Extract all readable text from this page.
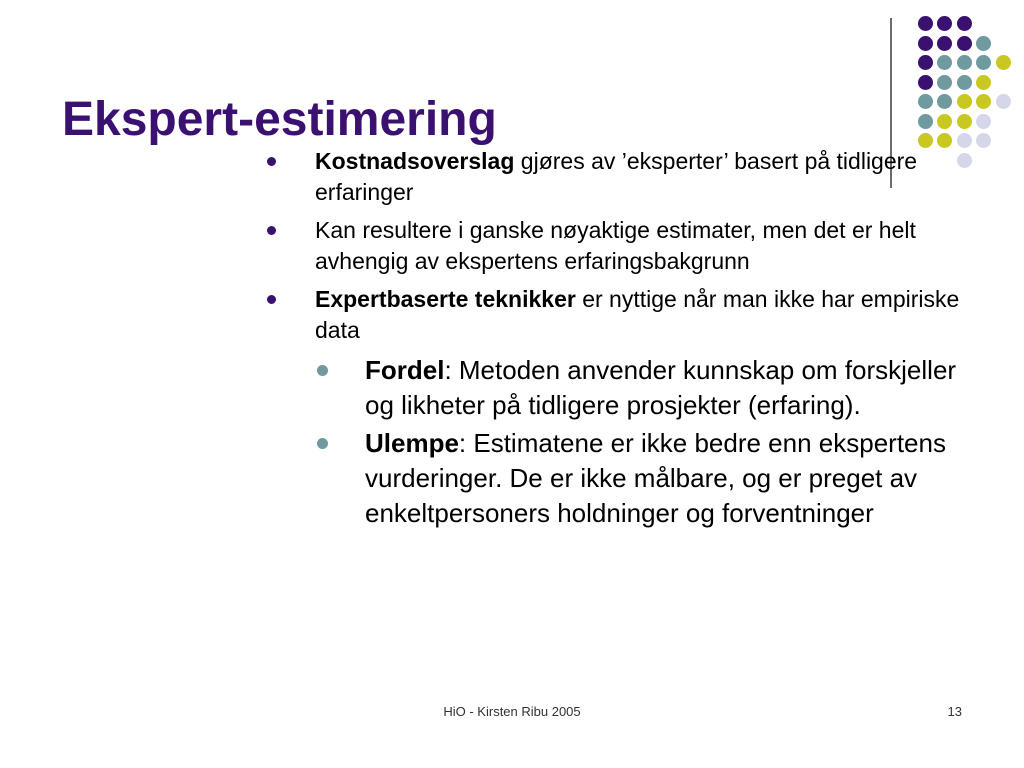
Ekspert-estimering
Kostnadsoverslag gjøres av ’eksperter’ basert på tidligere erfaringer
Kan resultere i ganske nøyaktige estimater, men det er helt avhengig av ekspertens erfaringsbakgrunn
Expertbaserte teknikker er nyttige når man ikke har empiriske data
Fordel: Metoden anvender kunnskap om forskjeller og likheter på tidligere prosjekter (erfaring).
Ulempe: Estimatene er ikke bedre enn ekspertens vurderinger. De er ikke målbare, og er preget av enkeltpersoners holdninger og forventninger
HiO - Kirsten Ribu 2005	13
